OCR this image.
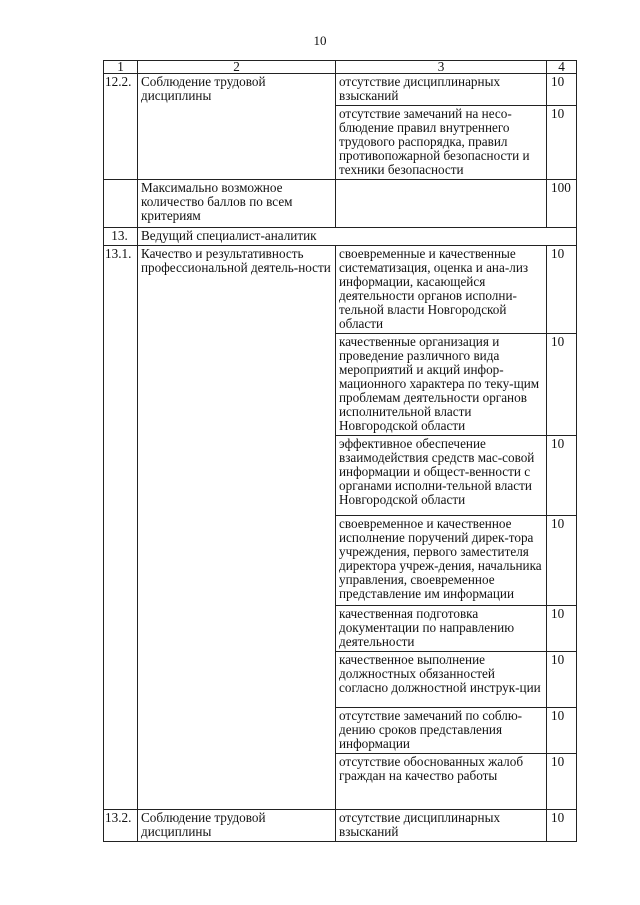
10
1	2	3	4
12.2.	Соблюдение трудовой дисциплины	отсутствие дисциплинарных взысканий	10
		отсутствие замечаний на несо-блюдение правил внутреннего трудового распорядка, правил противопожарной безопасности и техники безопасности	10
	Максимально возможное количество баллов по всем критериям		100
13.	Ведущий специалист-аналитик		
13.1.	Качество и результативность профессиональной деятель-ности	своевременные и качественные систематизация, оценка и ана-лиз информации, касающейся деятельности органов исполни-тельной власти Новгородской области	10
		качественные организация и проведение различного вида мероприятий и акций инфор-мационного характера по теку-щим проблемам деятельности органов исполнительной власти Новгородской области	10
		эффективное обеспечение взаимодействия средств мас-совой информации и общест-венности с органами исполни-тельной власти Новгородской области	10
		своевременное и качественное исполнение поручений дирек-тора учреждения, первого заместителя директора учреж-дения, начальника управления, своевременное представление им информации	10
		качественная подготовка документации по направлению деятельности	10
		качественное выполнение должностных обязанностей согласно должностной инструк-ции	10
		отсутствие замечаний по соблю-дению сроков представления информации	10
		отсутствие обоснованных жалоб граждан на качество работы	10
13.2.	Соблюдение трудовой дисциплины	отсутствие дисциплинарных взысканий	10
